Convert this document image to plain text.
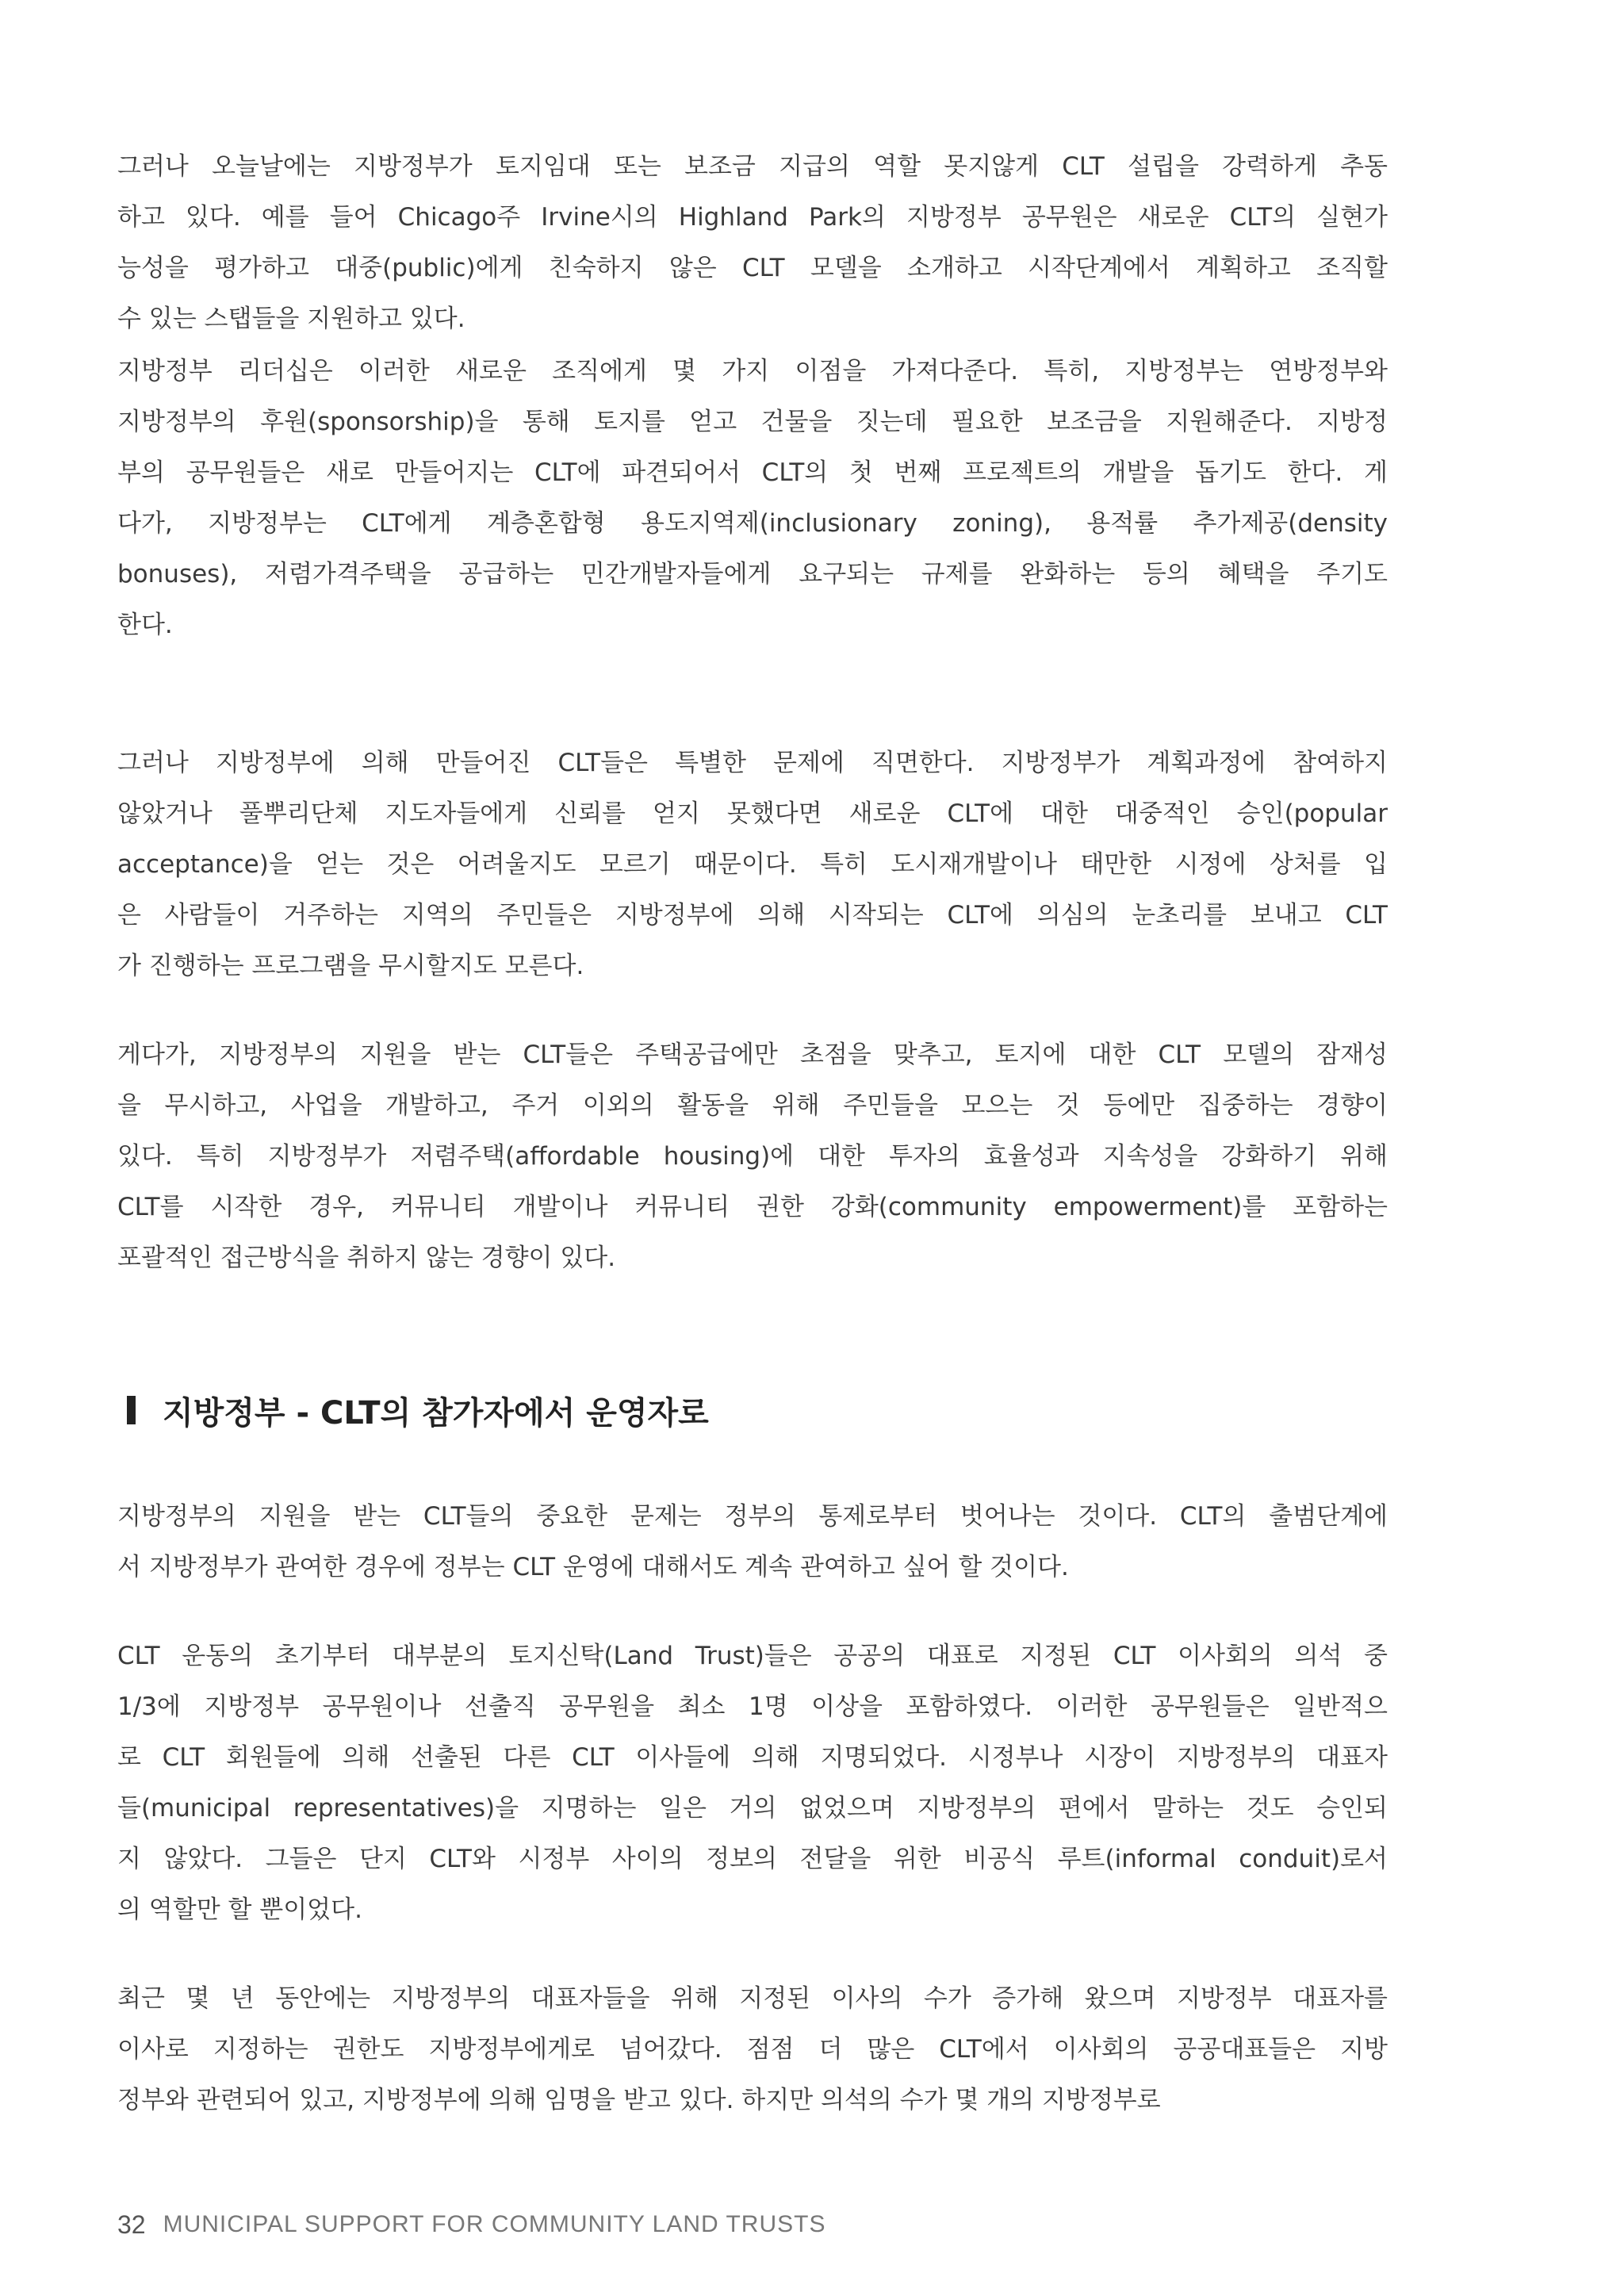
그러나 오늘날에는 지방정부가 토지임대 또는 보조금 지급의 역할 못지않게 CLT 설립을 강력하게 추동
하고 있다. 예를 들어 Chicago주 Irvine시의 Highland Park의 지방정부 공무원은 새로운 CLT의 실현가
능성을 평가하고 대중(public)에게 친숙하지 않은 CLT 모델을 소개하고 시작단계에서 계획하고 조직할
수 있는 스탭들을 지원하고 있다.
지방정부 리더십은 이러한 새로운 조직에게 몇 가지 이점을 가져다준다. 특히, 지방정부는 연방정부와
지방정부의 후원(sponsorship)을 통해 토지를 얻고 건물을 짓는데 필요한 보조금을 지원해준다. 지방정
부의 공무원들은 새로 만들어지는 CLT에 파견되어서 CLT의 첫 번째 프로젝트의 개발을 돕기도 한다. 게
다가, 지방정부는 CLT에게 계층혼합형 용도지역제(inclusionary zoning), 용적률 추가제공(density
bonuses), 저렴가격주택을 공급하는 민간개발자들에게 요구되는 규제를 완화하는 등의 혜택을 주기도
한다.
그러나 지방정부에 의해 만들어진 CLT들은 특별한 문제에 직면한다. 지방정부가 계획과정에 참여하지
않았거나 풀뿌리단체 지도자들에게 신뢰를 얻지 못했다면 새로운 CLT에 대한 대중적인 승인(popular
acceptance)을 얻는 것은 어려울지도 모르기 때문이다. 특히 도시재개발이나 태만한 시정에 상처를 입
은 사람들이 거주하는 지역의 주민들은 지방정부에 의해 시작되는 CLT에 의심의 눈초리를 보내고 CLT
가 진행하는 프로그램을 무시할지도 모른다.
게다가, 지방정부의 지원을 받는 CLT들은 주택공급에만 초점을 맞추고, 토지에 대한 CLT 모델의 잠재성
을 무시하고, 사업을 개발하고, 주거 이외의 활동을 위해 주민들을 모으는 것 등에만 집중하는 경향이
있다. 특히 지방정부가 저렴주택(affordable housing)에 대한 투자의 효율성과 지속성을 강화하기 위해
CLT를 시작한 경우, 커뮤니티 개발이나 커뮤니티 권한 강화(community empowerment)를 포함하는
포괄적인 접근방식을 취하지 않는 경향이 있다.
지방정부 - CLT의 참가자에서 운영자로
지방정부의 지원을 받는 CLT들의 중요한 문제는 정부의 통제로부터 벗어나는 것이다. CLT의 출범단계에
서 지방정부가 관여한 경우에 정부는 CLT 운영에 대해서도 계속 관여하고 싶어 할 것이다.
CLT 운동의 초기부터 대부분의 토지신탁(Land Trust)들은 공공의 대표로 지정된 CLT 이사회의 의석 중
1/3에 지방정부 공무원이나 선출직 공무원을 최소 1명 이상을 포함하였다. 이러한 공무원들은 일반적으
로 CLT 회원들에 의해 선출된 다른 CLT 이사들에 의해 지명되었다. 시정부나 시장이 지방정부의 대표자
들(municipal representatives)을 지명하는 일은 거의 없었으며 지방정부의 편에서 말하는 것도 승인되
지 않았다. 그들은 단지 CLT와 시정부 사이의 정보의 전달을 위한 비공식 루트(informal conduit)로서
의 역할만 할 뿐이었다.
최근 몇 년 동안에는 지방정부의 대표자들을 위해 지정된 이사의 수가 증가해 왔으며 지방정부 대표자를
이사로 지정하는 권한도 지방정부에게로 넘어갔다. 점점 더 많은 CLT에서 이사회의 공공대표들은 지방
정부와 관련되어 있고, 지방정부에 의해 임명을 받고 있다. 하지만 의석의 수가 몇 개의 지방정부로
32 MUNICIPAL SUPPORT FOR COMMUNITY LAND TRUSTS
